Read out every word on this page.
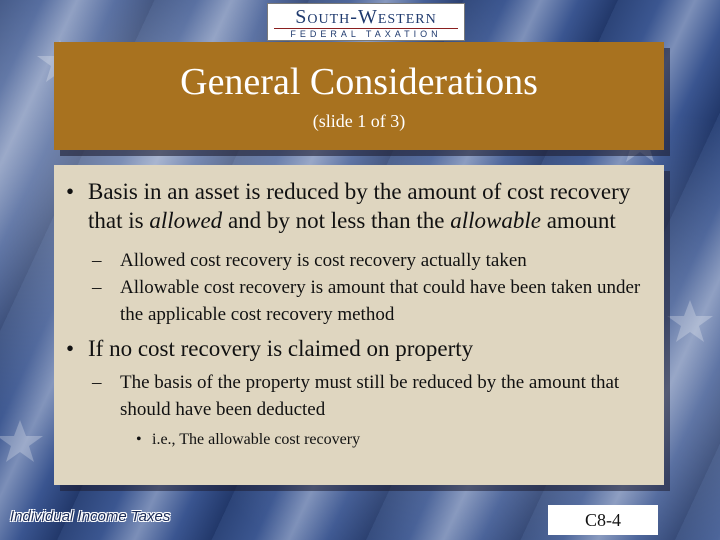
South-Western
FEDERAL TAXATION
General Considerations
(slide 1 of 3)

• Basis in an asset is reduced by the amount of cost recovery that is allowed and by not less than the allowable amount

– Allowed cost recovery is cost recovery actually taken

– Allowable cost recovery is amount that could have been taken under the applicable cost recovery method

• If no cost recovery is claimed on property

– The basis of the property must still be reduced by the amount that should have been deducted

• i.e., The allowable cost recovery

Individual Income Taxes	C8-4
